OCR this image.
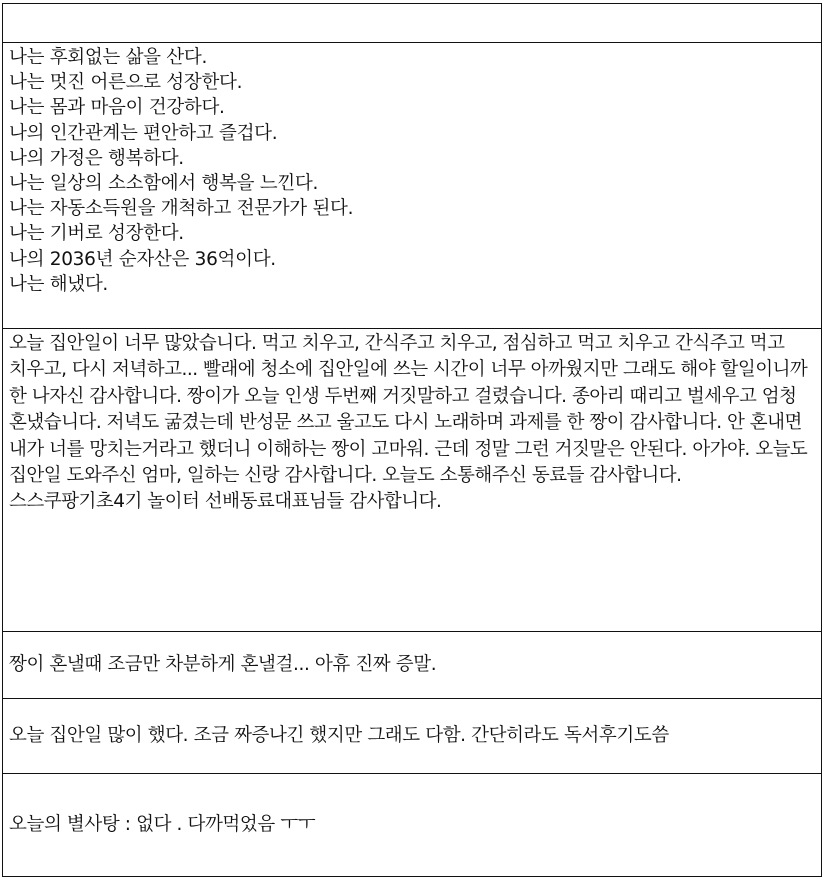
나는 후회없는 삶을 산다.
나는 멋진 어른으로 성장한다.
나는 몸과 마음이 건강하다.
나의 인간관계는 편안하고 즐겁다.
나의 가정은 행복하다.
나는 일상의 소소함에서 행복을 느낀다.
나는 자동소득원을 개척하고 전문가가 된다.
나는 기버로 성장한다.
나의 2036년 순자산은 36억이다.
나는 해냈다.

오늘 집안일이 너무 많았습니다. 먹고 치우고, 간식주고 치우고, 점심하고 먹고 치우고 간식주고 먹고 치우고, 다시 저녁하고... 빨래에 청소에 집안일에 쓰는 시간이 너무 아까웠지만 그래도 해야 할일이니까 한 나자신 감사합니다. 짱이가 오늘 인생 두번째 거짓말하고 걸렸습니다. 종아리 때리고 벌세우고 엄청 혼냈습니다. 저녁도 굶겼는데 반성문 쓰고 울고도 다시 노래하며 과제를 한 짱이 감사합니다. 안 혼내면 내가 너를 망치는거라고 했더니 이해하는 짱이 고마워. 근데 정말 그런 거짓말은 안된다. 아가야. 오늘도 집안일 도와주신 엄마, 일하는 신랑 감사합니다. 오늘도 소통해주신 동료들 감사합니다. 스스쿠팡기초4기 놀이터 선배동료대표님들 감사합니다.

짱이 혼낼때 조금만 차분하게 혼낼걸... 아휴 진짜 증말.

오늘 집안일 많이 했다. 조금 짜증나긴 했지만 그래도 다함. 간단히라도 독서후기도씀

오늘의 별사탕 : 없다 . 다까먹었음 ㅜㅜ
